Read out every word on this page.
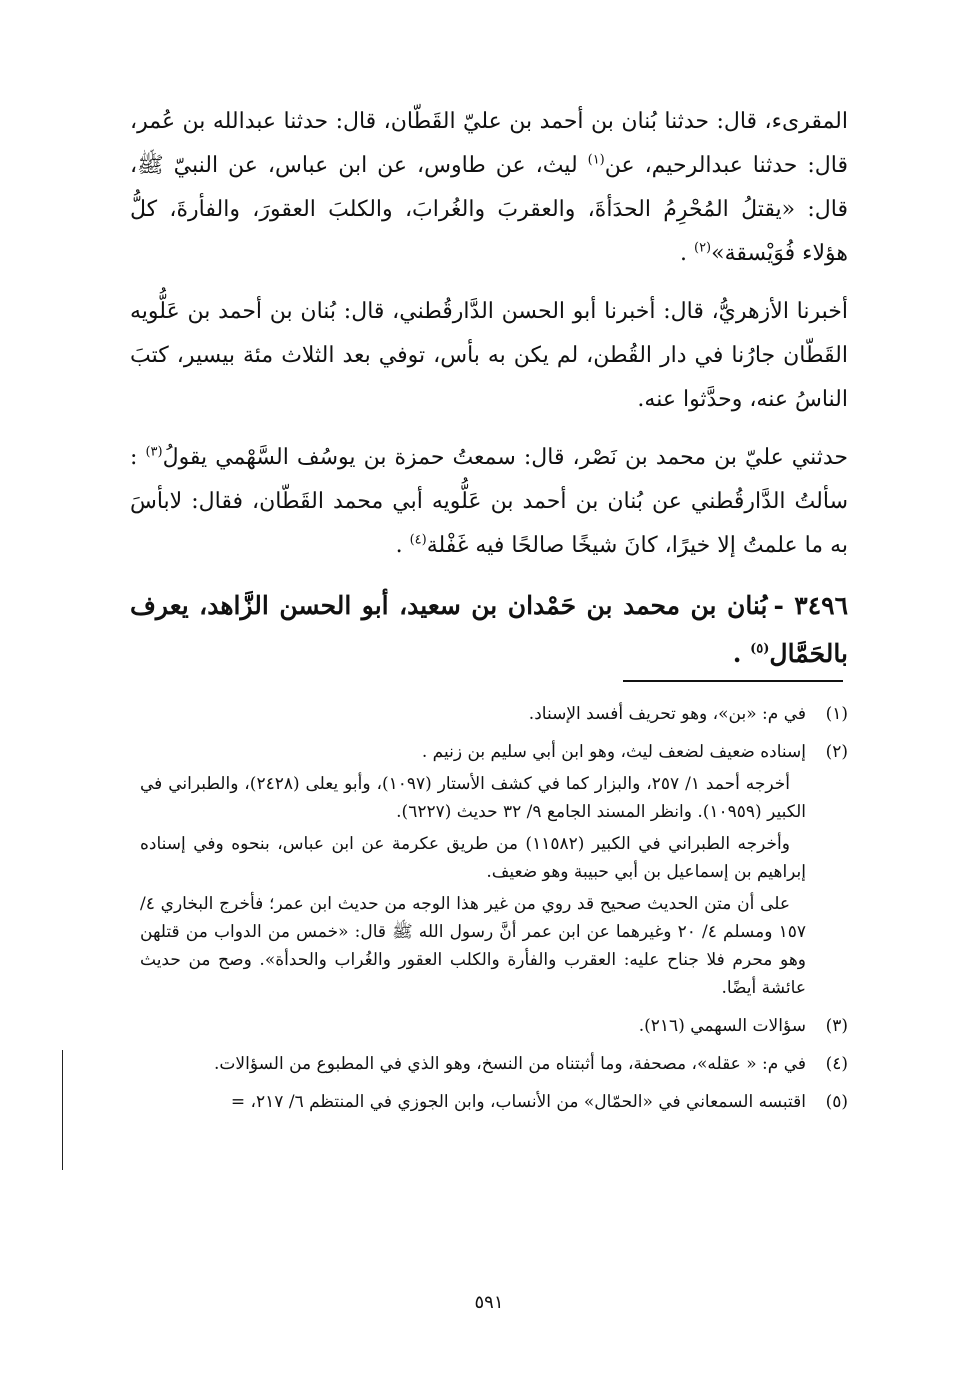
المقرىء، قال: حدثنا بُنان بن أحمد بن عليّ القَطّان، قال: حدثنا عبدالله بن عُمر، قال: حدثنا عبدالرحيم، عن$^{(١)}$ ليث، عن طاوس، عن ابن عباس، عن النبيّ ﷺ، قال: «يقتلُ المُحْرِمُ الحدَأةَ، والعقربَ والغُرابَ، والكلبَ العقورَ، والفأرةَ، كلُّ هؤلاء فُوَيْسقة»$^{(٢)}$ .

أخبرنا الأزهريُّ، قال: أخبرنا أبو الحسن الدَّارقُطني، قال: بُنان بن أحمد بن عَلُّويه القَطّان جارُنا في دار القُطن، لم يكن به بأس، توفي بعد الثلاث مئة بيسير، كتبَ الناسُ عنه، وحدَّثوا عنه.

حدثني عليّ بن محمد بن نَصْر، قال: سمعتُ حمزة بن يوسُف السَّهْمي يقولُ$^{(٣)}$ : سألتُ الدَّارقُطني عن بُنان بن أحمد بن عَلُّويه أبي محمد القَطّان، فقال: لابأسَ به ما علمتُ إلا خيرًا، كانَ شيخًا صالحًا فيه غَفْلة$^{(٤)}$ .

٣٤٩٦ -بُنان بن محمد بن حَمْدان بن سعيد، أبو الحسن الزَّاهد، يعرف بالحَمَّال$^{(٥)}$ .

(١)

في م: «بن»، وهو تحريف أفسد الإسناد.

(٢)

إسناده ضعيف لضعف ليث، وهو ابن أبي سليم بن زنيم .

أخرجه أحمد ١/ ٢٥٧، والبزار كما في كشف الأستار (١٠٩٧)، وأبو يعلى (٢٤٢٨)، والطبراني في الكبير (١٠٩٥٩). وانظر المسند الجامع ٩/ ٣٢ حديث (٦٢٢٧).

وأخرجه الطبراني في الكبير (١١٥٨٢) من طريق عكرمة عن ابن عباس، بنحوه وفي إسناده إبراهيم بن إسماعيل بن أبي حبيبة وهو ضعيف.

على أن متن الحديث صحيح قد روي من غير هذا الوجه من حديث ابن عمر؛ فأخرج البخاري ٤/ ١٥٧ ومسلم ٤/ ٢٠ وغيرهما عن ابن عمر أنَّ رسول الله ﷺ قال: «خمس من الدواب من قتلهن وهو محرم فلا جناح عليه: العقرب والفأرة والكلب العقور والغُراب والحدأة». وصح من حديث عائشة أيضًا.

(٣)

سؤالات السهمي (٢١٦).

(٤)

في م: « عقله»، مصحفة، وما أثبتناه من النسخ، وهو الذي في المطبوع من السؤالات.

(٥)

اقتبسه السمعاني في «الحمّال» من الأنساب، وابن الجوزي في المنتظم ٦/ ٢١٧، =

٥٩١
